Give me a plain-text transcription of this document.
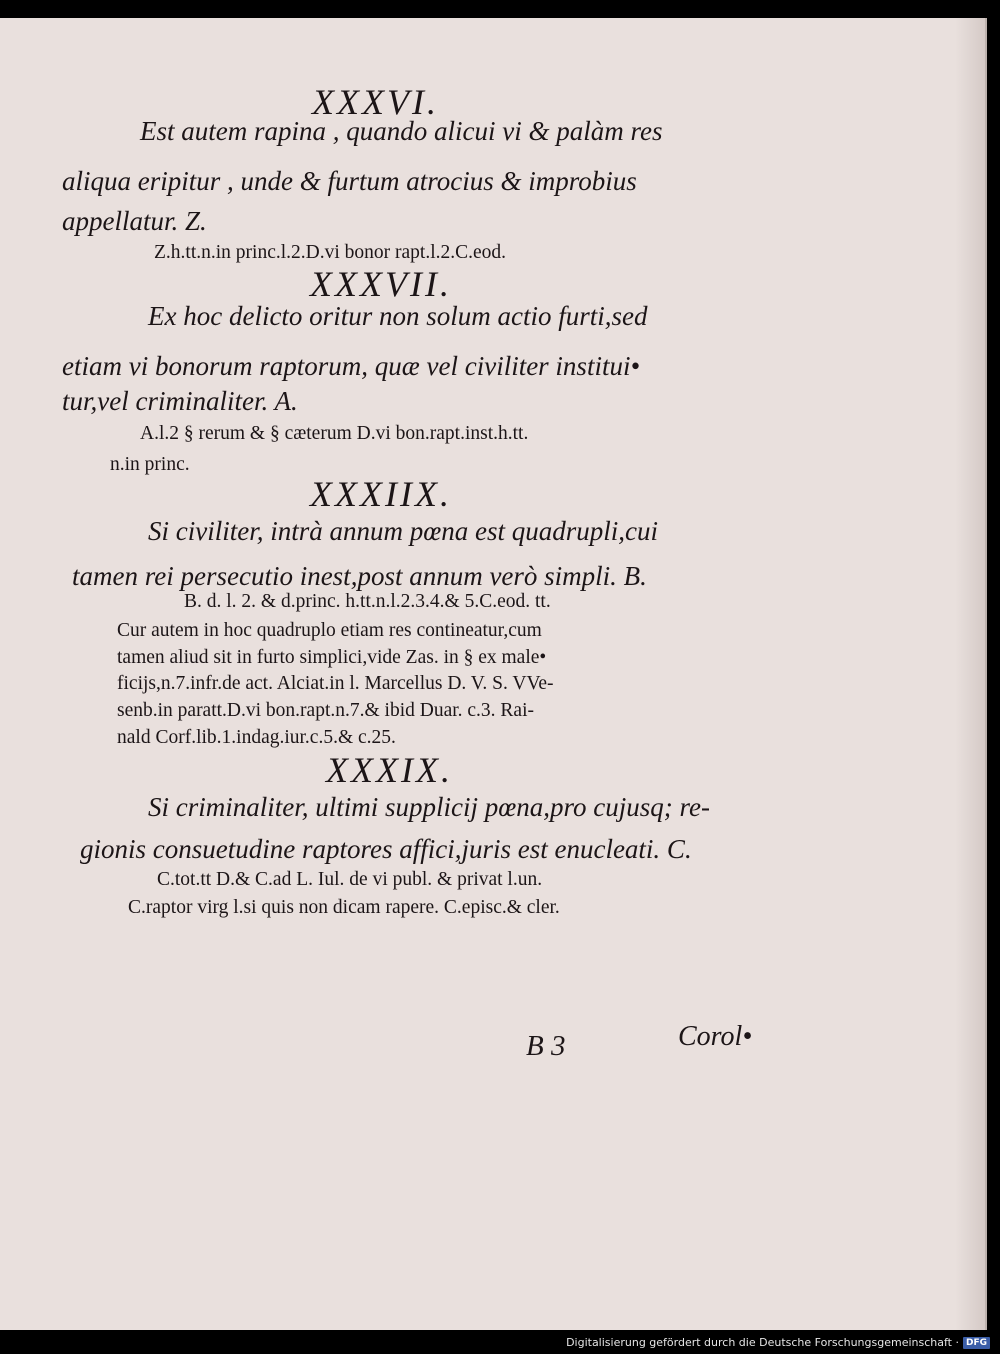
XXXVI.
Est autem rapina , quando alicui vi & palàm res
aliqua eripitur , unde & furtum atrocius & improbius
appellatur. Z.
Z.h.tt.n.in princ.l.2.D.vi bonor rapt.l.2.C.eod.
XXXVII.
Ex hoc delicto oritur non solum actio furti,sed
etiam vi bonorum raptorum, quæ vel civiliter institui•
tur,vel criminaliter. A.
A.l.2 § rerum & § cæterum D.vi bon.rapt.inst.h.tt.
n.in princ.
XXXIIX.
Si civiliter, intrà annum pœna est quadrupli,cui
tamen rei persecutio inest,post annum verò simpli. B.
B. d. l. 2. & d.princ. h.tt.n.l.2.3.4.& 5.C.eod. tt.
Cur autem in hoc quadruplo etiam res contineatur,cum
tamen aliud sit in furto simplici,vide Zas. in § ex male•
ficijs,n.7.infr.de act. Alciat.in l. Marcellus D. V. S. VVe-
senb.in paratt.D.vi bon.rapt.n.7.& ibid Duar. c.3. Rai-
nald Corf.lib.1.indag.iur.c.5.& c.25.
XXXIX.
Si criminaliter, ultimi supplicij pœna,pro cujusq; re-
gionis consuetudine raptores affici,juris est enucleati. C.
C.tot.tt D.& C.ad L. Iul. de vi publ. & privat l.un.
C.raptor virg l.si quis non dicam rapere. C.episc.& cler.
B 3	Corol•
Digitalisierung gefördert durch die Deutsche Forschungsgemeinschaft · DFG
